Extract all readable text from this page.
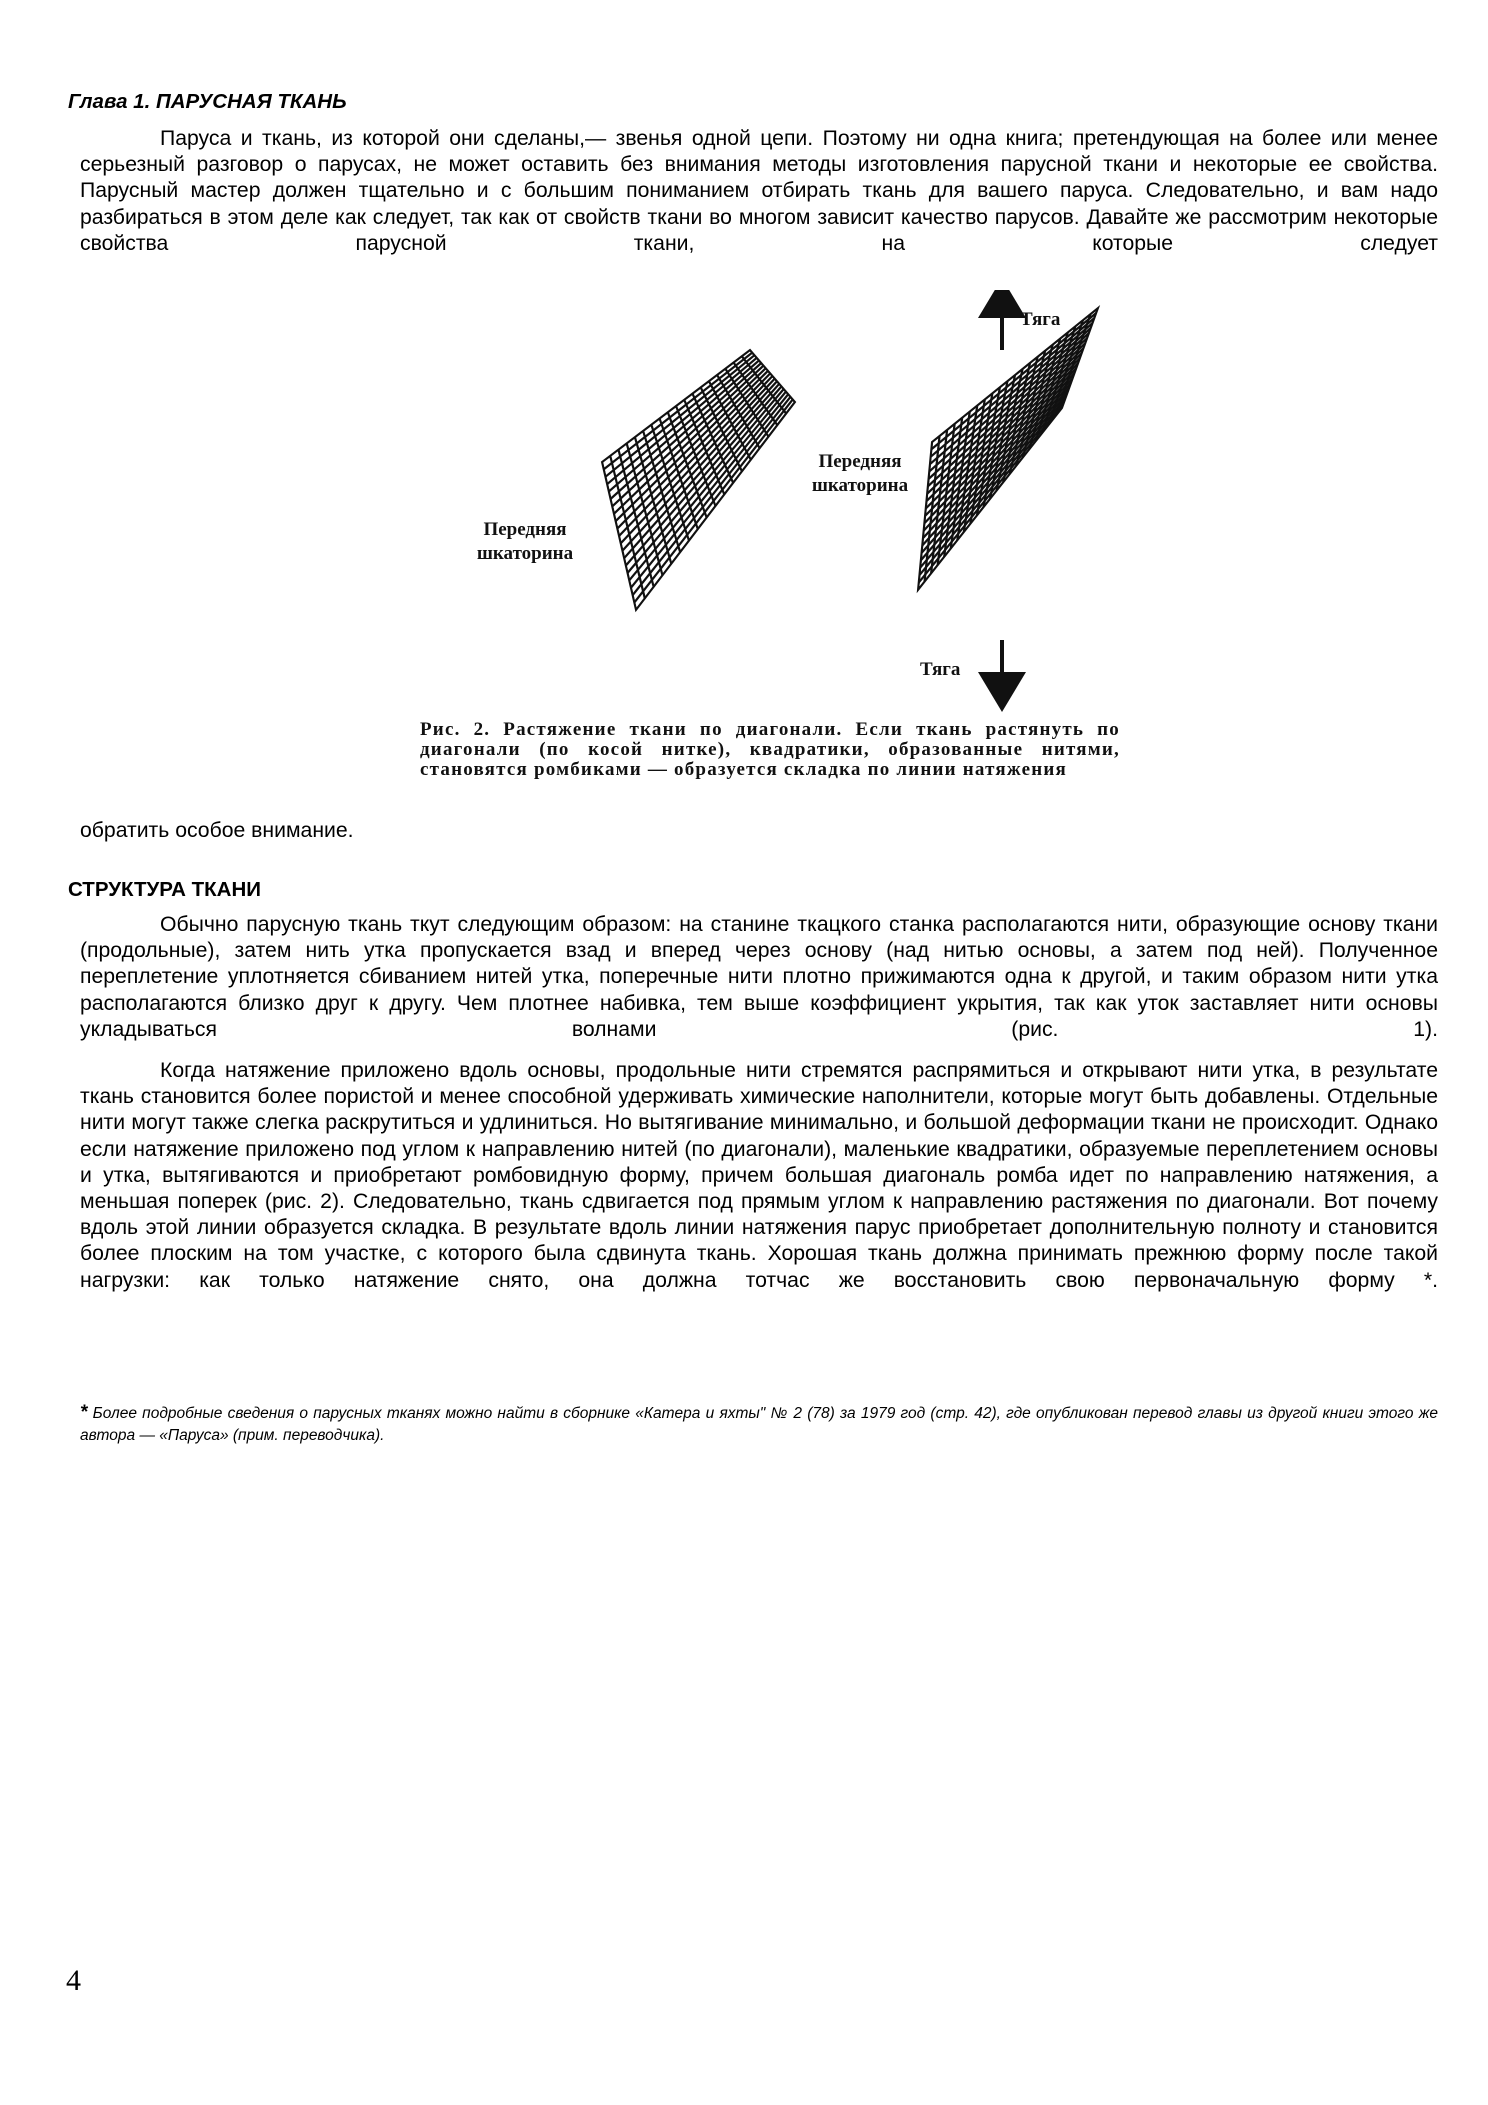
Глава 1. ПАРУСНАЯ ТКАНЬ

Паруса и ткань, из которой они сделаны,— звенья одной цепи. Поэтому ни одна книга; претендующая на более или менее серьезный разговор о парусах, не может оставить без внимания методы изготовления парусной ткани и некоторые ее свойства. Парусный мастер должен тщательно и с большим пониманием отбирать ткань для вашего паруса. Следовательно, и вам надо разбираться в этом деле как следует, так как от свойств ткани во многом зависит качество парусов. Давайте же рассмотрим некоторые свойства парусной ткани, на которые следует

Тяга

Тяга

Передняя шкаторина

Передняя шкаторина

Рис. 2. Растяжение ткани по диагонали. Если ткань растянуть по диагонали (по косой нитке), квадратики, образованные нитями, становятся ромбиками — образуется складка по линии натяжения

обратить особое внимание.

СТРУКТУРА ТКАНИ

Обычно парусную ткань ткут следующим образом: на станине ткацкого станка располагаются нити, образующие основу ткани (продольные), затем нить утка пропускается взад и вперед через основу (над нитью основы, а затем под ней). Полученное переплетение уплотняется сбиванием нитей утка, поперечные нити плотно прижимаются одна к другой, и таким образом нити утка располагаются близко друг к другу. Чем плотнее набивка, тем выше коэффициент укрытия, так как уток заставляет нити основы укладываться волнами (рис. 1).

Когда натяжение приложено вдоль основы, продольные нити стремятся распрямиться и открывают нити утка, в результате ткань становится более пористой и менее способной удерживать химические наполнители, которые могут быть добавлены. Отдельные нити могут также слегка раскрутиться и удлиниться. Но вытягивание минимально, и большой деформации ткани не происходит. Однако если натяжение приложено под углом к направлению нитей (по диагонали), маленькие квадратики, образуемые переплетением основы и утка, вытягиваются и приобретают ромбовидную форму, причем большая диагональ ромба идет по направлению натяжения, а меньшая поперек (рис. 2). Следовательно, ткань сдвигается под прямым углом к направлению растяжения по диагонали. Вот почему вдоль этой линии образуется складка. В результате вдоль линии натяжения парус приобретает дополнительную полноту и становится более плоским на том участке, с которого была сдвинута ткань. Хорошая ткань должна принимать прежнюю форму после такой нагрузки: как только натяжение снято, она должна тотчас же восстановить свою первоначальную форму *.

* Более подробные сведения о парусных тканях можно найти в сборнике «Катера и яхты" № 2 (78) за 1979 год (стр. 42), где опубликован перевод главы из другой книги этого же автора — «Паруса» (прим. переводчика).

4
